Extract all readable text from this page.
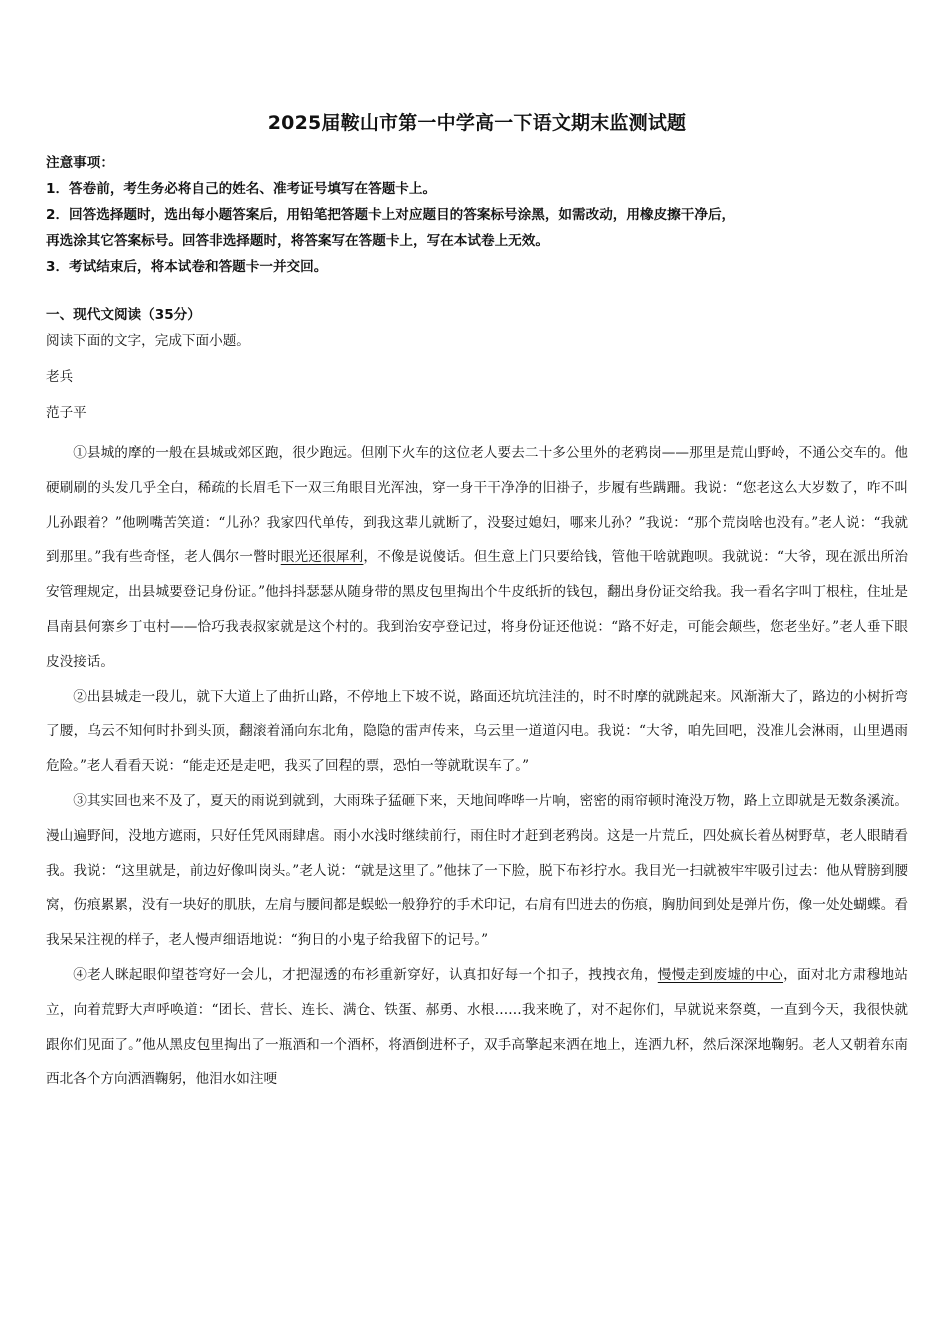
2025届鞍山市第一中学高一下语文期末监测试题
注意事项：
1．答卷前，考生务必将自己的姓名、准考证号填写在答题卡上。
2．回答选择题时，选出每小题答案后，用铅笔把答题卡上对应题目的答案标号涂黑，如需改动，用橡皮擦干净后，
再选涂其它答案标号。回答非选择题时，将答案写在答题卡上，写在本试卷上无效。
3．考试结束后，将本试卷和答题卡一并交回。
一、现代文阅读（35分）
阅读下面的文字，完成下面小题。
老兵
范子平

①县城的摩的一般在县城或郊区跑，很少跑远。但刚下火车的这位老人要去二十多公里外的老鸦岗——那里是荒山野岭，不通公交车的。他硬刷刷的头发几乎全白，稀疏的长眉毛下一双三角眼目光浑浊，穿一身干干净净的旧褂子，步履有些蹒跚。我说：“您老这么大岁数了，咋不叫儿孙跟着？”他咧嘴苦笑道：“儿孙？我家四代单传，到我这辈儿就断了，没娶过媳妇，哪来儿孙？”我说：“那个荒岗啥也没有。”老人说：“我就到那里。”我有些奇怪，老人偶尔一瞥时眼光还很犀利，不像是说傻话。但生意上门只要给钱，管他干啥就跑呗。我就说：“大爷，现在派出所治安管理规定，出县城要登记身份证。”他抖抖瑟瑟从随身带的黑皮包里掏出个牛皮纸折的钱包，翻出身份证交给我。我一看名字叫丁根柱，住址是昌南县何寨乡丁屯村——恰巧我表叔家就是这个村的。我到治安亭登记过，将身份证还他说：“路不好走，可能会颠些，您老坐好。”老人垂下眼皮没接话。

②出县城走一段儿，就下大道上了曲折山路，不停地上下坡不说，路面还坑坑洼洼的，时不时摩的就跳起来。风渐渐大了，路边的小树折弯了腰，乌云不知何时扑到头顶，翻滚着涌向东北角，隐隐的雷声传来，乌云里一道道闪电。我说：“大爷，咱先回吧，没准儿会淋雨，山里遇雨危险。”老人看看天说：“能走还是走吧，我买了回程的票，恐怕一等就耽误车了。”

③其实回也来不及了，夏天的雨说到就到，大雨珠子猛砸下来，天地间哗哗一片响，密密的雨帘顿时淹没万物，路上立即就是无数条溪流。漫山遍野间，没地方遮雨，只好任凭风雨肆虐。雨小水浅时继续前行，雨住时才赶到老鸦岗。这是一片荒丘，四处疯长着丛树野草，老人眼睛看我。我说：“这里就是，前边好像叫岗头。”老人说：“就是这里了。”他抹了一下脸，脱下布衫拧水。我目光一扫就被牢牢吸引过去：他从臂膀到腰窝，伤痕累累，没有一块好的肌肤，左肩与腰间都是蜈蚣一般狰狞的手术印记，右肩有凹进去的伤痕，胸肋间到处是弹片伤，像一处处蝴蝶。看我呆呆注视的样子，老人慢声细语地说：“狗日的小鬼子给我留下的记号。”

④老人眯起眼仰望苍穹好一会儿，才把湿透的布衫重新穿好，认真扣好每一个扣子，拽拽衣角，慢慢走到废墟的中心，面对北方肃穆地站立，向着荒野大声呼唤道：“团长、营长、连长、满仓、铁蛋、郝勇、水根……我来晚了，对不起你们，早就说来祭奠，一直到今天，我很快就跟你们见面了。”他从黑皮包里掏出了一瓶酒和一个酒杯，将酒倒进杯子，双手高擎起来洒在地上，连洒九杯，然后深深地鞠躬。老人又朝着东南西北各个方向洒酒鞠躬，他泪水如注哽
